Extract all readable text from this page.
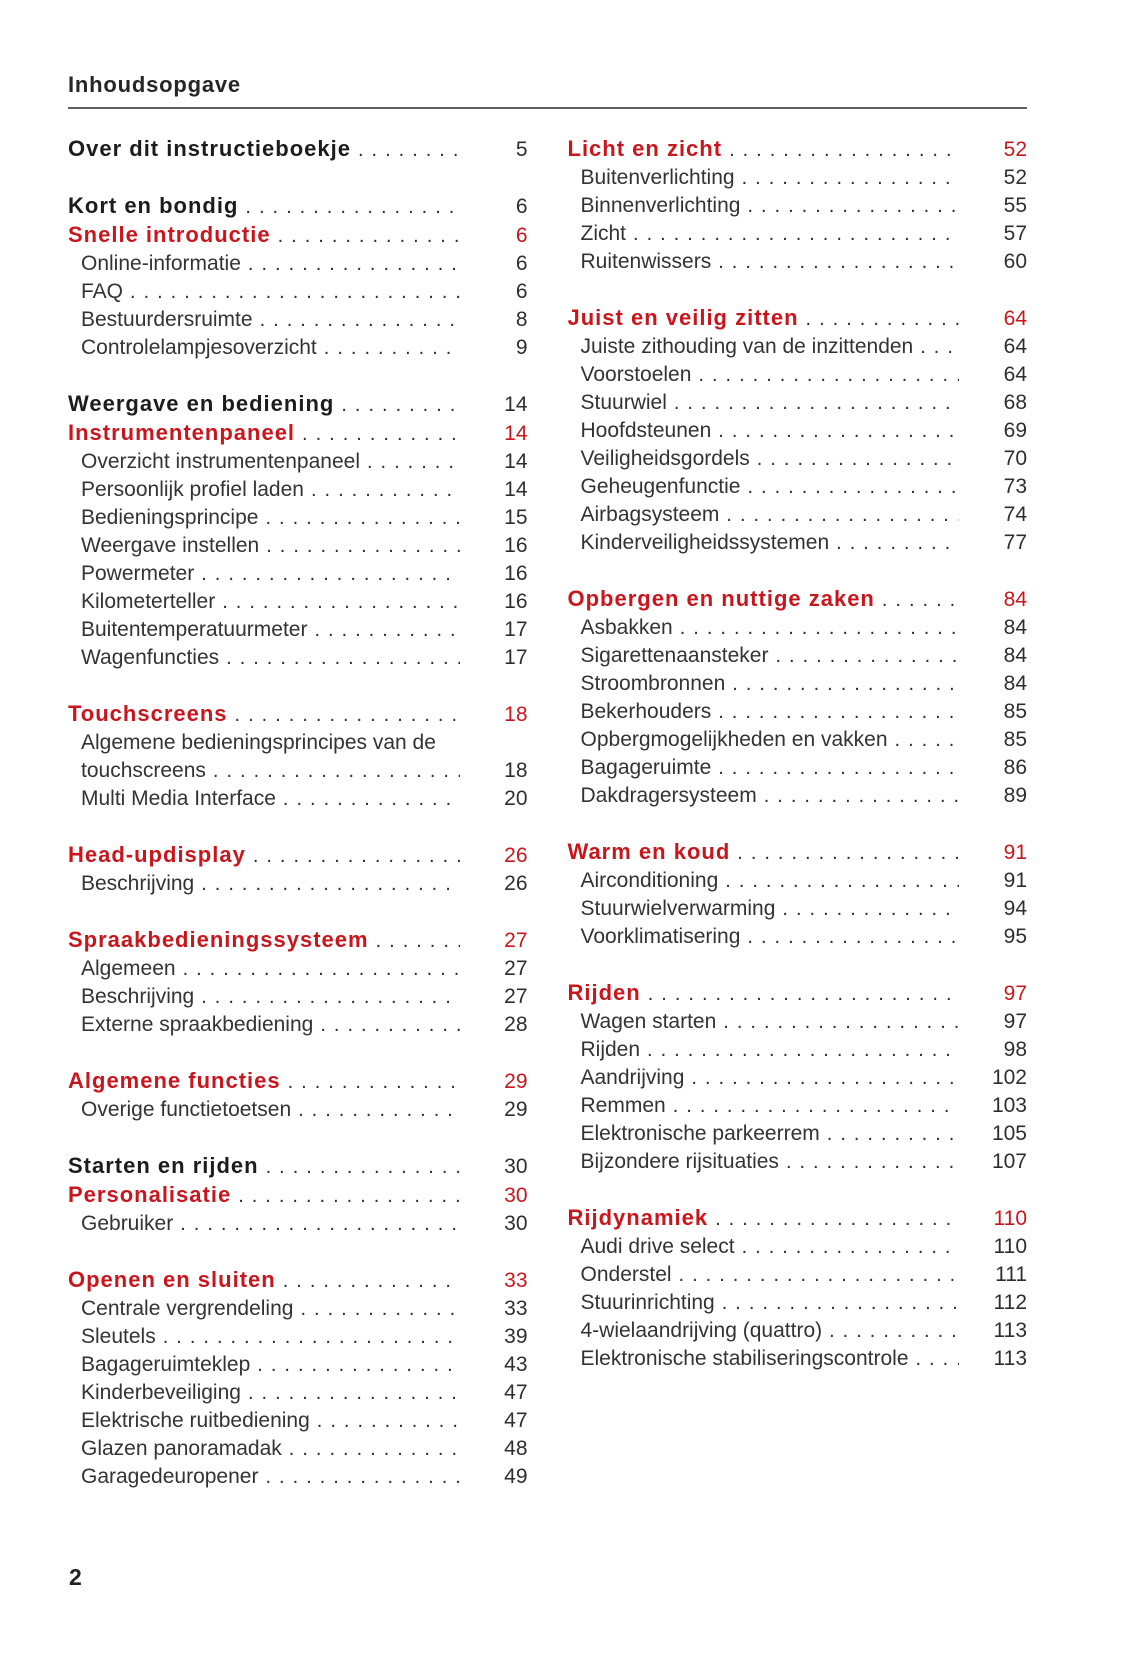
Inhoudsopgave
Over dit instructieboekje .....	5
Kort en bondig .....	6
Snelle introductie .....	6
Online-informatie .....	6
FAQ .....	6
Bestuurdersruimte .....	8
Controlelampjesoverzicht .....	9
Weergave en bediening .....	14
Instrumentenpaneel .....	14
Overzicht instrumentenpaneel .....	14
Persoonlijk profiel laden .....	14
Bedieningsprincipe .....	15
Weergave instellen .....	16
Powermeter .....	16
Kilometerteller .....	16
Buitentemperatuurmeter .....	17
Wagenfuncties .....	17
Touchscreens .....	18
Algemene bedieningsprincipes van de
touchscreens .....	18
Multi Media Interface .....	20
Head-updisplay .....	26
Beschrijving .....	26
Spraakbedieningssysteem .....	27
Algemeen .....	27
Beschrijving .....	27
Externe spraakbediening .....	28
Algemene functies .....	29
Overige functietoetsen .....	29
Starten en rijden .....	30
Personalisatie .....	30
Gebruiker .....	30
Openen en sluiten .....	33
Centrale vergrendeling .....	33
Sleutels .....	39
Bagageruimteklep .....	43
Kinderbeveiliging .....	47
Elektrische ruitbediening .....	47
Glazen panoramadak .....	48
Garagedeuropener .....	49
Licht en zicht .....	52
Buitenverlichting .....	52
Binnenverlichting .....	55
Zicht .....	57
Ruitenwissers .....	60
Juist en veilig zitten .....	64
Juiste zithouding van de inzittenden .....	64
Voorstoelen .....	64
Stuurwiel .....	68
Hoofdsteunen .....	69
Veiligheidsgordels .....	70
Geheugenfunctie .....	73
Airbagsysteem .....	74
Kinderveiligheidssystemen .....	77
Opbergen en nuttige zaken .....	84
Asbakken .....	84
Sigarettenaansteker .....	84
Stroombronnen .....	84
Bekerhouders .....	85
Opbergmogelijkheden en vakken .....	85
Bagageruimte .....	86
Dakdragersysteem .....	89
Warm en koud .....	91
Airconditioning .....	91
Stuurwielverwarming .....	94
Voorklimatisering .....	95
Rijden .....	97
Wagen starten .....	97
Rijden .....	98
Aandrijving .....	102
Remmen .....	103
Elektronische parkeerrem .....	105
Bijzondere rijsituaties .....	107
Rijdynamiek .....	110
Audi drive select .....	110
Onderstel .....	111
Stuurinrichting .....	112
4-wielaandrijving (quattro) .....	113
Elektronische stabiliseringscontrole .....	113
2
